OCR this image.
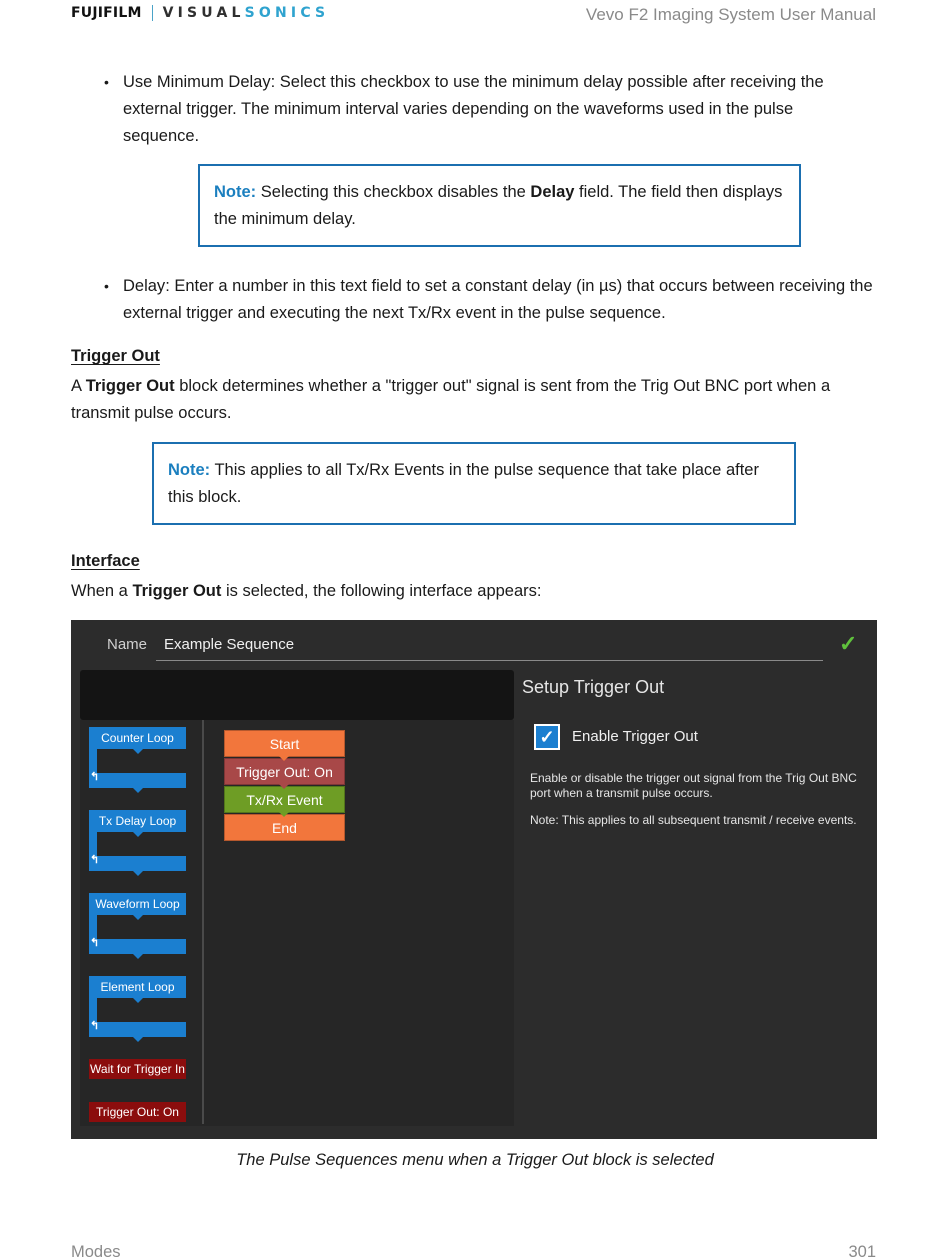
FUJIFILM VISUALSONICS	Vevo F2 Imaging System User Manual
• Use Minimum Delay: Select this checkbox to use the minimum delay possible after receiving the external trigger. The minimum interval varies depending on the waveforms used in the pulse sequence.
Note: Selecting this checkbox disables the Delay field. The field then displays the minimum delay.
• Delay: Enter a number in this text field to set a constant delay (in µs) that occurs between receiving the external trigger and executing the next Tx/Rx event in the pulse sequence.
Trigger Out
A Trigger Out block determines whether a "trigger out" signal is sent from the Trig Out BNC port when a transmit pulse occurs.
Note: This applies to all Tx/Rx Events in the pulse sequence that take place after this block.
Interface
When a Trigger Out is selected, the following interface appears:
Name Example Sequence	✓
Counter Loop
↰
Tx Delay Loop
↰
Waveform Loop
↰
Element Loop
↰
Wait for Trigger In
Trigger Out: On
Start
Trigger Out: On
Tx/Rx Event
End
Setup Trigger Out
✓	Enable Trigger Out
Enable or disable the trigger out signal from the Trig Out BNC port when a transmit pulse occurs.
Note: This applies to all subsequent transmit / receive events.
The Pulse Sequences menu when a Trigger Out block is selected
Modes	301
